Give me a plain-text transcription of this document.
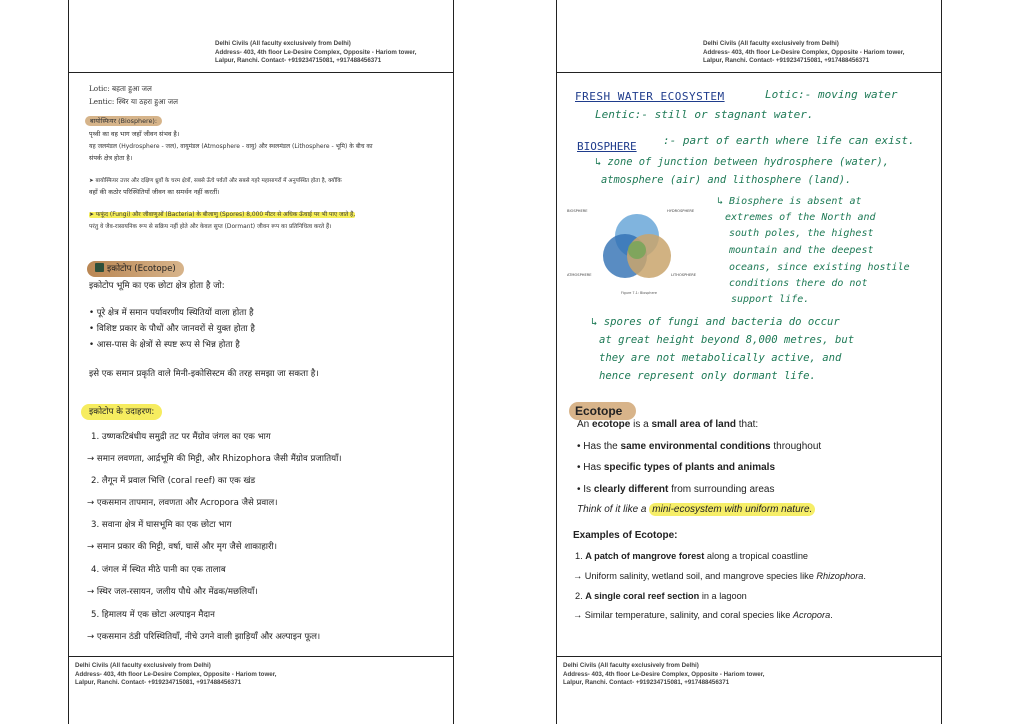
Delhi Civils (All faculty exclusively from Delhi)
Address- 403, 4th floor Le-Desire Complex, Opposite - Hariom tower,
Lalpur, Ranchi. Contact- +919234715081, +917488456371
Lotic: बहता हुआ जल
Lentic: स्थिर या ठहरा हुआ जल
बायोस्फियर (Biosphere):
पृथ्वी का वह भाग जहाँ जीवन संभव है।
यह जलमंडल (Hydrosphere - जल), वायुमंडल (Atmosphere - वायु) और स्थलमंडल (Lithosphere - भूमि) के बीच का
संपर्क क्षेत्र होता है।
➤ बायोस्फियर उत्तर और दक्षिण ध्रुवों के चरम क्षेत्रों, सबसे ऊँचे पर्वतों और सबसे गहरे महासागरों में अनुपस्थित होता है, क्योंकि
वहाँ की कठोर परिस्थितियाँ जीवन का समर्थन नहीं करतीं।
➤ फफूंद (Fungi) और जीवाणुओं (Bacteria) के बीजाणु (Spores) 8,000 मीटर से अधिक ऊँचाई पर भी पाए जाते हैं,
परंतु वे जैव-रासायनिक रूप से सक्रिय नहीं होते और केवल सुप्त (Dormant) जीवन रूप का प्रतिनिधित्व करते हैं।
इकोटोप (Ecotope)
इकोटोप भूमि का एक छोटा क्षेत्र होता है जो:
• पूरे क्षेत्र में समान पर्यावरणीय स्थितियों वाला होता है
• विशिष्ट प्रकार के पौधों और जानवरों से युक्त होता है
• आस-पास के क्षेत्रों से स्पष्ट रूप से भिन्न होता है
इसे एक समान प्रकृति वाले मिनी-इकोसिस्टम की तरह समझा जा सकता है।
इकोटोप के उदाहरण:
1. उष्णकटिबंधीय समुद्री तट पर मैंग्रोव जंगल का एक भाग
→ समान लवणता, आर्द्रभूमि की मिट्टी, और Rhizophora जैसी मैंग्रोव प्रजातियाँ।
2. लैगून में प्रवाल भित्ति (coral reef) का एक खंड
→ एकसमान तापमान, लवणता और Acropora जैसे प्रवाल।
3. सवाना क्षेत्र में घासभूमि का एक छोटा भाग
→ समान प्रकार की मिट्टी, वर्षा, घासें और मृग जैसे शाकाहारी।
4. जंगल में स्थित मीठे पानी का एक तालाब
→ स्थिर जल-रसायन, जलीय पौधे और मेंढक/मछलियाँ।
5. हिमालय में एक छोटा अल्पाइन मैदान
→ एकसमान ठंडी परिस्थितियाँ, नीचे उगने वाली झाड़ियाँ और अल्पाइन फूल।
Delhi Civils (All faculty exclusively from Delhi)
Address- 403, 4th floor Le-Desire Complex, Opposite - Hariom tower,
Lalpur, Ranchi. Contact- +919234715081, +917488456371
Delhi Civils (All faculty exclusively from Delhi)
Address- 403, 4th floor Le-Desire Complex, Opposite - Hariom tower,
Lalpur, Ranchi. Contact- +919234715081, +917488456371
FRESH WATER ECOSYSTEM	Lotic:- moving water
Lentic:- still or stagnant water.
BIOSPHERE :- part of earth where life can exist.
↳ zone of junction between hydrosphere (water),
atmosphere (air) and lithosphere (land).
BIOSPHERE	HYDROSPHERE
ATMOSPHERE	LITHOSPHERE
Figure 7.1: Biosphere
↳ Biosphere is absent at
extremes of the North and
south poles, the highest
mountain and the deepest
oceans, since existing hostile
conditions there do not
support life.
↳ spores of fungi and bacteria do occur
at great height beyond 8,000 metres, but
they are not metabolically active, and
hence represent only dormant life.
Ecotope
An ecotope is a small area of land that:
• Has the same environmental conditions throughout
• Has specific types of plants and animals
• Is clearly different from surrounding areas
Think of it like a mini-ecosystem with uniform nature.
Examples of Ecotope:
1. A patch of mangrove forest along a tropical coastline
→ Uniform salinity, wetland soil, and mangrove species like Rhizophora.
2. A single coral reef section in a lagoon
→ Similar temperature, salinity, and coral species like Acropora.
Delhi Civils (All faculty exclusively from Delhi)
Address- 403, 4th floor Le-Desire Complex, Opposite - Hariom tower,
Lalpur, Ranchi. Contact- +919234715081, +917488456371
